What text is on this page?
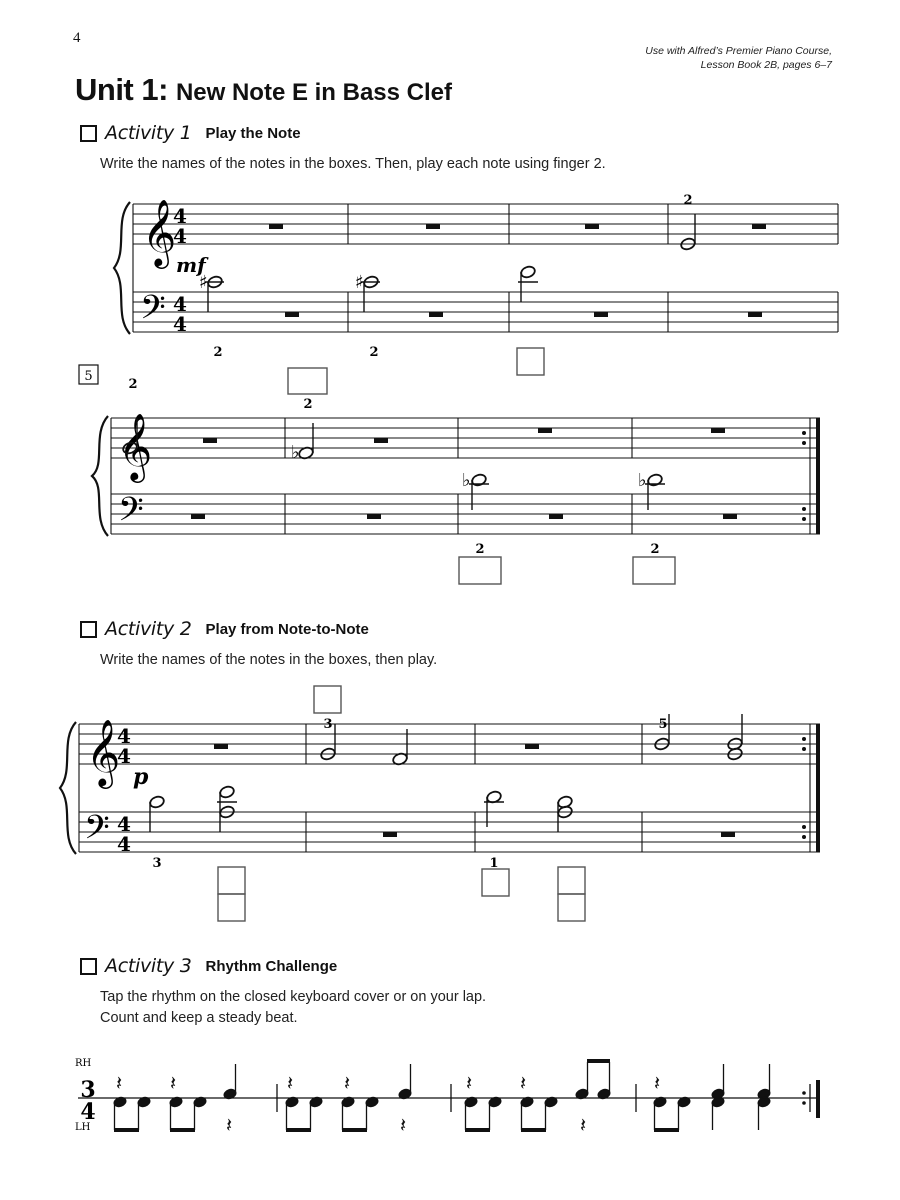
4
Use with Alfred’s Premier Piano Course,
Lesson Book 2B, pages 6–7
Unit 1: New Note E in Bass Clef
Activity 1 Play the Note
Write the names of the notes in the boxes. Then, play each note using finger 2.
𝄞
𝄢
4
4
4
4
mf
♯	♯
2	2
2
5
𝄞
𝄢
♭
♭	♭
2
2
2	2
Activity 2 Play from Note-to-Note
Write the names of the notes in the boxes, then play.
𝄞
𝄢
4
4
4
4
p
3
3
1
5
Activity 3 Rhythm Challenge
Tap the rhythm on the closed keyboard cover or on your lap.
Count and keep a steady beat.
RH
LH
3
4
𝄽 𝄽	𝄽	𝄽	𝄽 𝄽	𝄽
𝄽	𝄽	𝄽
